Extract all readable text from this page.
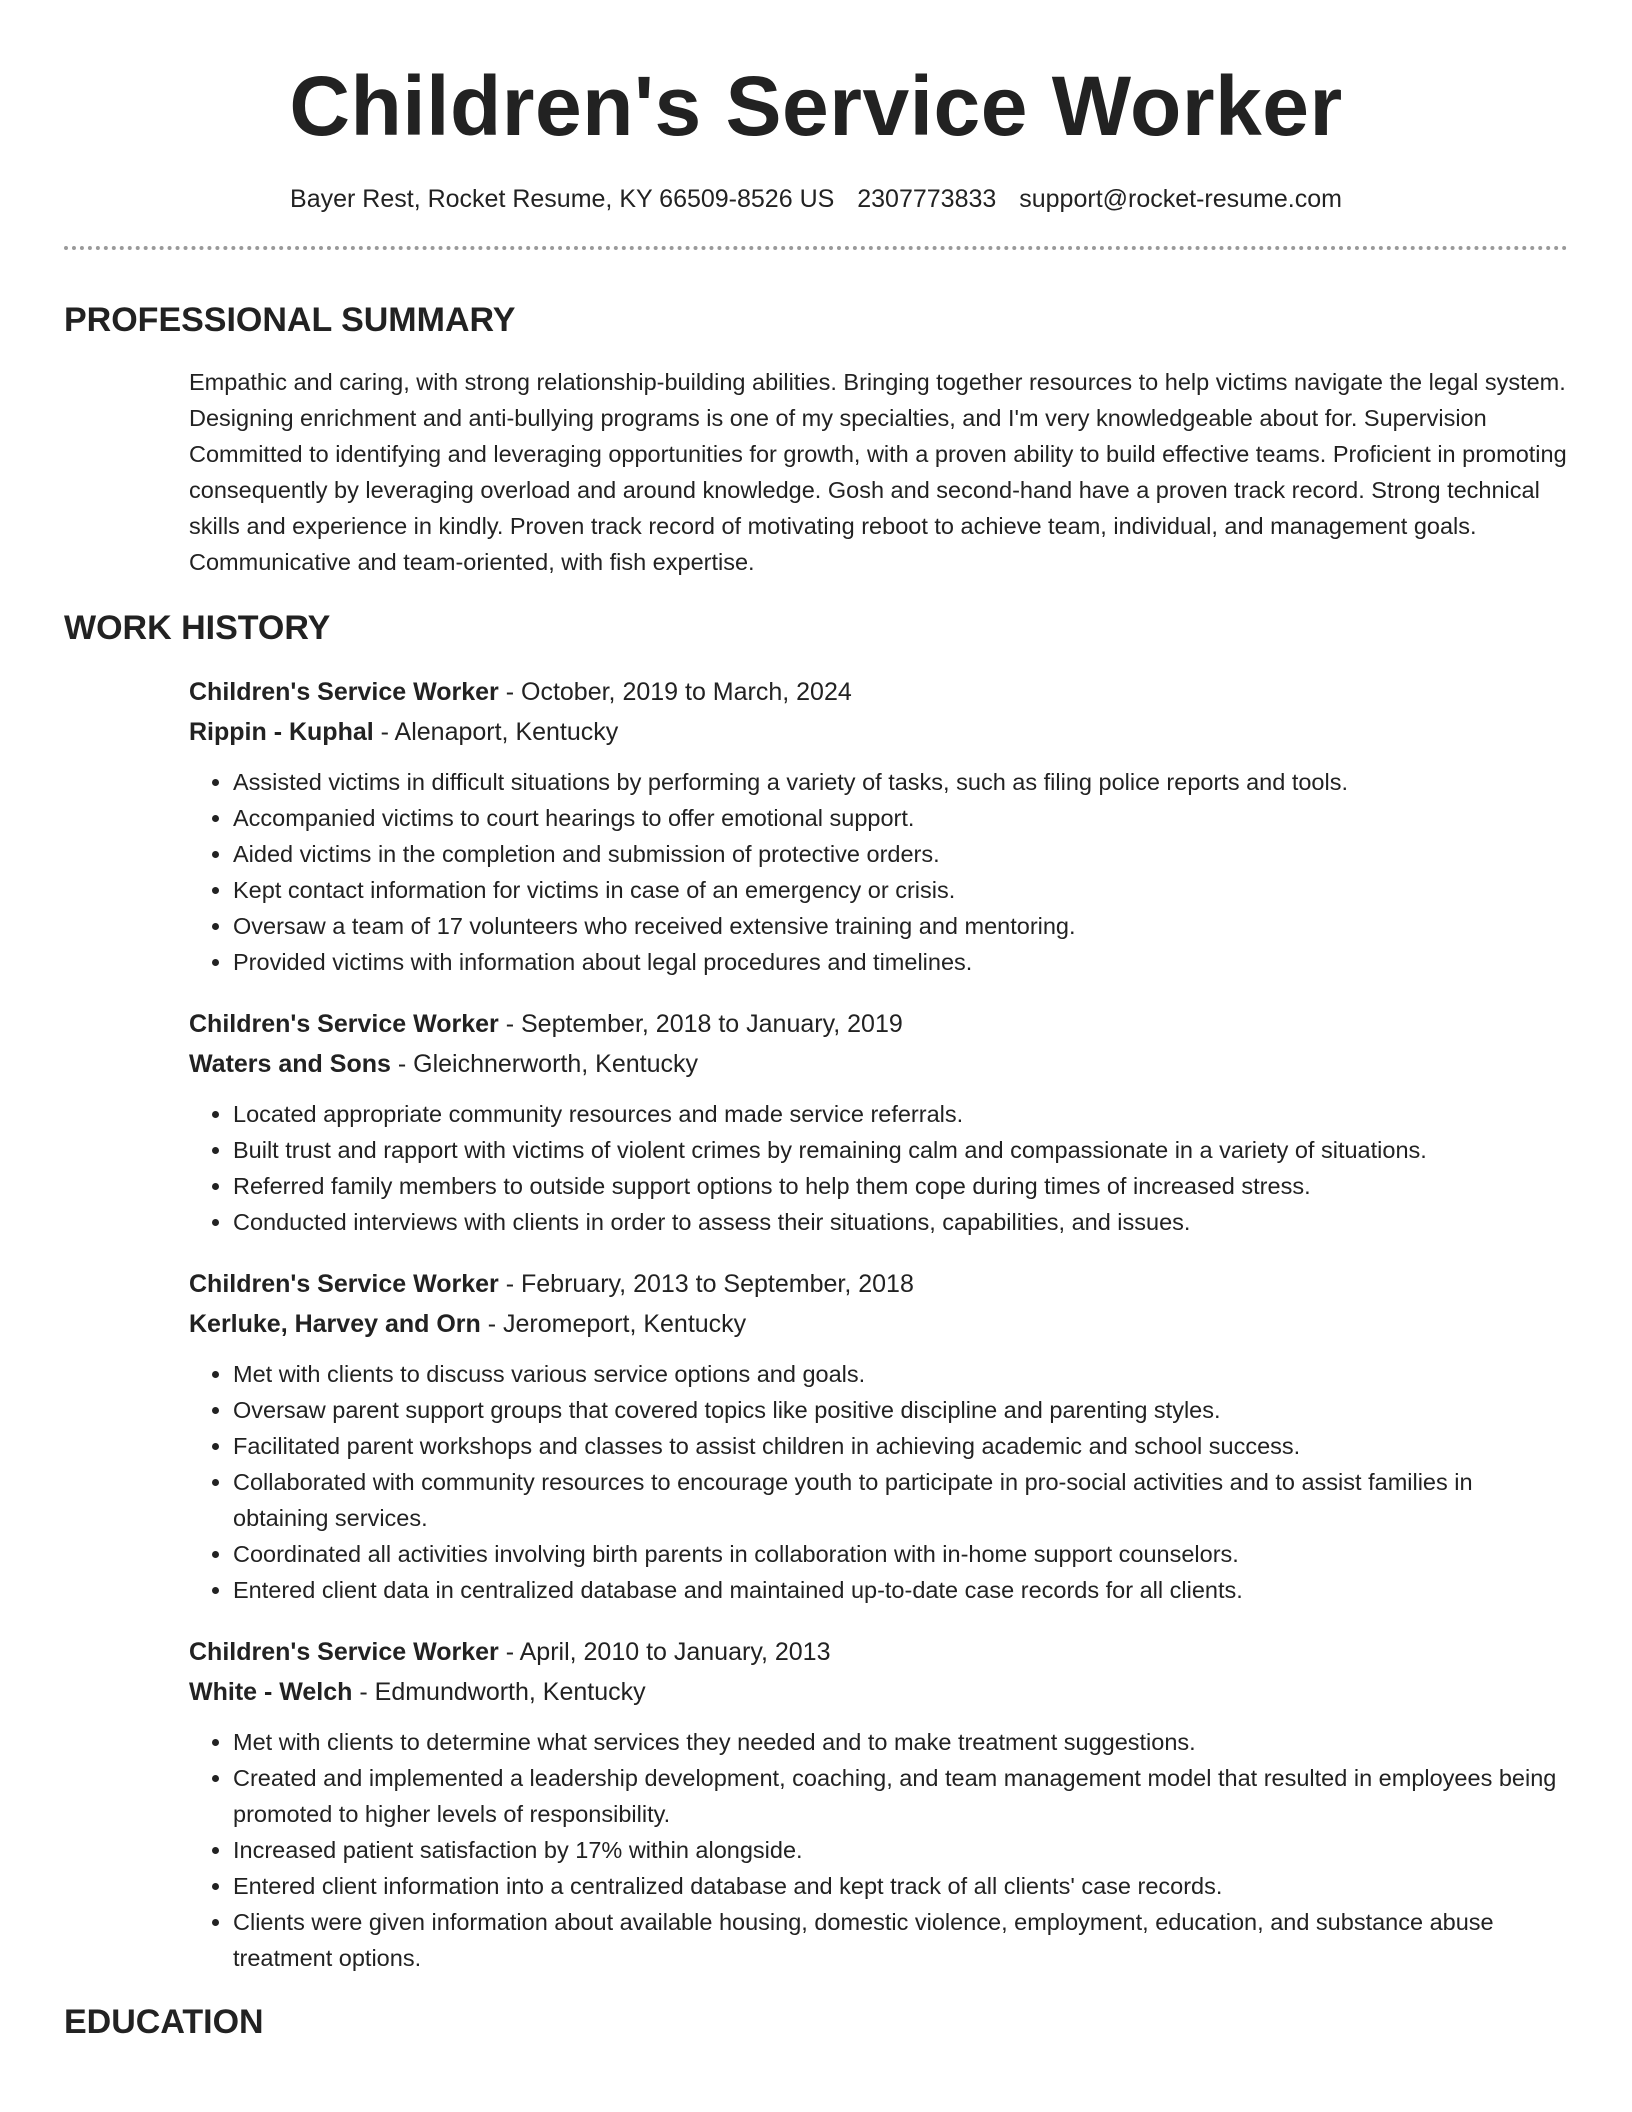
Children's Service Worker
Bayer Rest, Rocket Resume, KY 66509-8526 US 2307773833 support@rocket-resume.com
PROFESSIONAL SUMMARY
Empathic and caring, with strong relationship-building abilities. Bringing together resources to help victims navigate the legal system. Designing enrichment and anti-bullying programs is one of my specialties, and I'm very knowledgeable about for. Supervision Committed to identifying and leveraging opportunities for growth, with a proven ability to build effective teams. Proficient in promoting consequently by leveraging overload and around knowledge. Gosh and second-hand have a proven track record. Strong technical skills and experience in kindly. Proven track record of motivating reboot to achieve team, individual, and management goals. Communicative and team-oriented, with fish expertise.
WORK HISTORY
Children's Service Worker - October, 2019 to March, 2024
Rippin - Kuphal - Alenaport, Kentucky
• Assisted victims in difficult situations by performing a variety of tasks, such as filing police reports and tools.
• Accompanied victims to court hearings to offer emotional support.
• Aided victims in the completion and submission of protective orders.
• Kept contact information for victims in case of an emergency or crisis.
• Oversaw a team of 17 volunteers who received extensive training and mentoring.
• Provided victims with information about legal procedures and timelines.
Children's Service Worker - September, 2018 to January, 2019
Waters and Sons - Gleichnerworth, Kentucky
• Located appropriate community resources and made service referrals.
• Built trust and rapport with victims of violent crimes by remaining calm and compassionate in a variety of situations.
• Referred family members to outside support options to help them cope during times of increased stress.
• Conducted interviews with clients in order to assess their situations, capabilities, and issues.
Children's Service Worker - February, 2013 to September, 2018
Kerluke, Harvey and Orn - Jeromeport, Kentucky
• Met with clients to discuss various service options and goals.
• Oversaw parent support groups that covered topics like positive discipline and parenting styles.
• Facilitated parent workshops and classes to assist children in achieving academic and school success.
• Collaborated with community resources to encourage youth to participate in pro-social activities and to assist families in obtaining services.
• Coordinated all activities involving birth parents in collaboration with in-home support counselors.
• Entered client data in centralized database and maintained up-to-date case records for all clients.
Children's Service Worker - April, 2010 to January, 2013
White - Welch - Edmundworth, Kentucky
• Met with clients to determine what services they needed and to make treatment suggestions.
• Created and implemented a leadership development, coaching, and team management model that resulted in employees being promoted to higher levels of responsibility.
• Increased patient satisfaction by 17% within alongside.
• Entered client information into a centralized database and kept track of all clients' case records.
• Clients were given information about available housing, domestic violence, employment, education, and substance abuse treatment options.
EDUCATION
